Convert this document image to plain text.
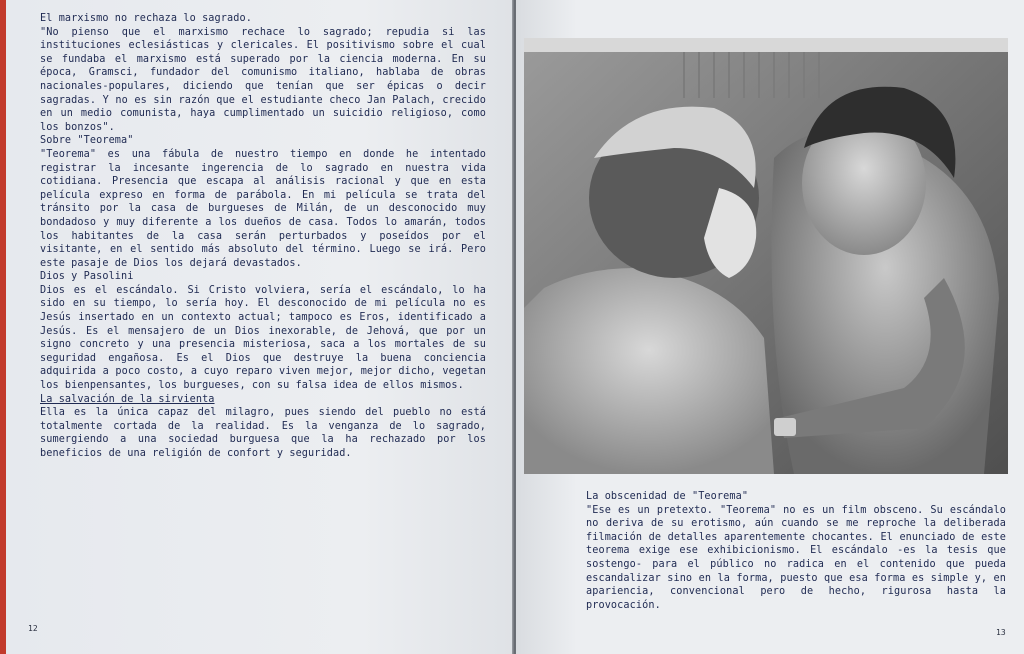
El marxismo no rechaza lo sagrado.

"No pienso que el marxismo rechace lo sagrado; repudia si las instituciones eclesiásticas y clericales. El positivismo sobre el cual se fundaba el marxismo está superado por la ciencia moderna. En su época, Gramsci, fundador del comunismo italiano, hablaba de obras nacionales-populares, diciendo que tenían que ser épicas o decir sagradas. Y no es sin razón que el estudiante checo Jan Palach, crecido en un medio comunista, haya cumplimentado un suicidio religioso, como los bonzos".

Sobre "Teorema"

"Teorema" es una fábula de nuestro tiempo en donde he intentado registrar la incesante ingerencia de lo sagrado en nuestra vida cotidiana. Presencia que escapa al análisis racional y que en esta película expreso en forma de parábola. En mi película se trata del tránsito por la casa de burgueses de Milán, de un desconocido muy bondadoso y muy diferente a los dueños de casa. Todos lo amarán, todos los habitantes de la casa serán perturbados y poseídos por el visitante, en el sentido más absoluto del término. Luego se irá. Pero este pasaje de Dios los dejará devastados.

Dios y Pasolini

Dios es el escándalo. Si Cristo volviera, sería el escándalo, lo ha sido en su tiempo, lo sería hoy. El desconocido de mi película no es Jesús insertado en un contexto actual; tampoco es Eros, identificado a Jesús. Es el mensajero de un Dios inexorable, de Jehová, que por un signo concreto y una presencia misteriosa, saca a los mortales de su seguridad engañosa. Es el Dios que destruye la buena conciencia adquirida a poco costo, a cuyo reparo viven mejor, mejor dicho, vegetan los bienpensantes, los burgueses, con su falsa idea de ellos mismos.

La salvación de la sirvienta

Ella es la única capaz del milagro, pues siendo del pueblo no está totalmente cortada de la realidad. Es la venganza de lo sagrado, sumergiendo a una sociedad burguesa que la ha rechazado por los beneficios de una religión de confort y seguridad.

12

La obscenidad de "Teorema"

"Ese es un pretexto. "Teorema" no es un film obsceno. Su escándalo no deriva de su erotismo, aún cuando se me reproche la deliberada filmación de detalles aparentemente chocantes. El enunciado de este teorema exige ese exhibicionismo. El escándalo -es la tesis que sostengo- para el público no radica en el contenido que pueda escandalizar sino en la forma, puesto que esa forma es simple y, en apariencia, convencional pero de hecho, rigurosa hasta la provocación.

13
